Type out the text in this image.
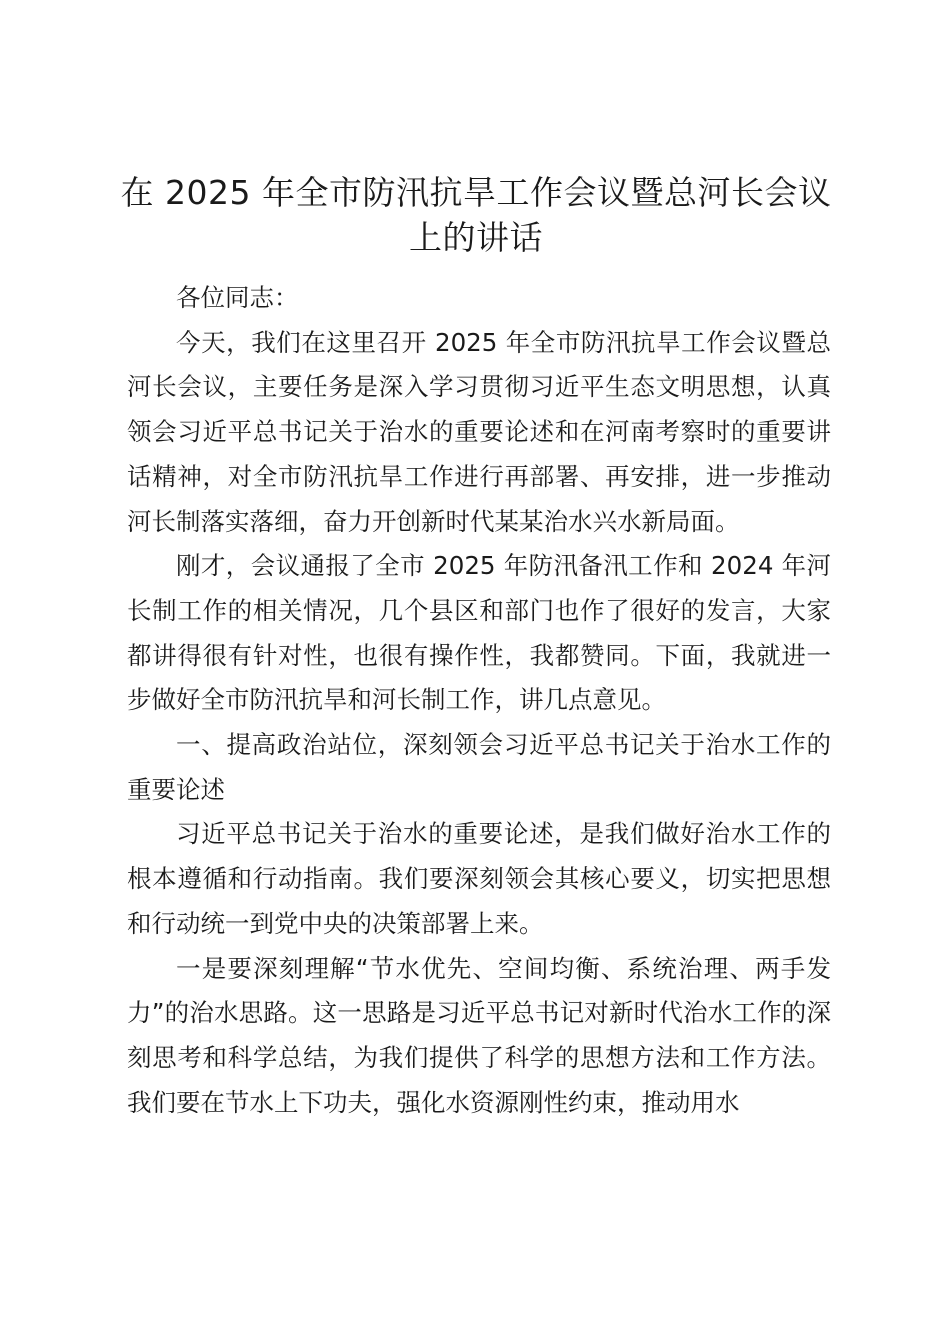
在 2025 年全市防汛抗旱工作会议暨总河长会议上的讲话

各位同志：

今天，我们在这里召开 2025 年全市防汛抗旱工作会议暨总河长会议，主要任务是深入学习贯彻习近平生态文明思想，认真领会习近平总书记关于治水的重要论述和在河南考察时的重要讲话精神，对全市防汛抗旱工作进行再部署、再安排，进一步推动河长制落实落细，奋力开创新时代某某治水兴水新局面。

刚才，会议通报了全市 2025 年防汛备汛工作和 2024 年河长制工作的相关情况，几个县区和部门也作了很好的发言，大家都讲得很有针对性，也很有操作性，我都赞同。下面，我就进一步做好全市防汛抗旱和河长制工作，讲几点意见。

一、提高政治站位，深刻领会习近平总书记关于治水工作的重要论述

习近平总书记关于治水的重要论述，是我们做好治水工作的根本遵循和行动指南。我们要深刻领会其核心要义，切实把思想和行动统一到党中央的决策部署上来。

一是要深刻理解“节水优先、空间均衡、系统治理、两手发力”的治水思路。这一思路是习近平总书记对新时代治水工作的深刻思考和科学总结，为我们提供了科学的思想方法和工作方法。我们要在节水上下功夫，强化水资源刚性约束，推动用水
